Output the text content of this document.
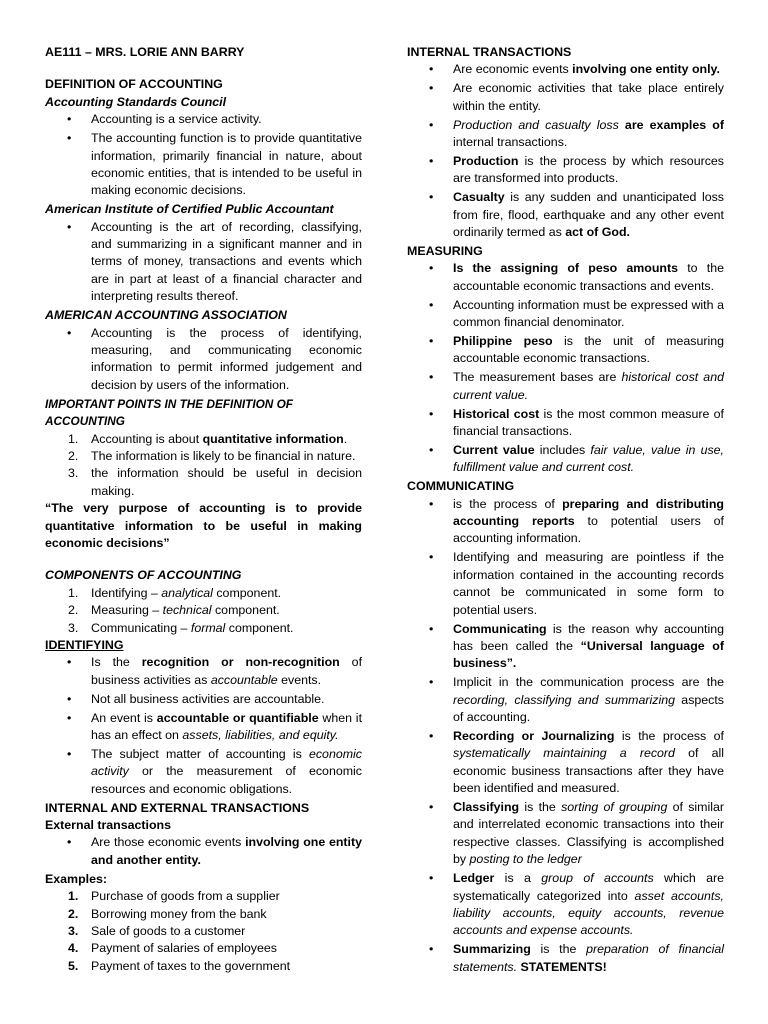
AE111 – MRS. LORIE ANN BARRY

DEFINITION OF ACCOUNTING

Accounting Standards Council

• Accounting is a service activity.
• The accounting function is to provide quantitative information, primarily financial in nature, about economic entities, that is intended to be useful in making economic decisions.

American Institute of Certified Public Accountant

• Accounting is the art of recording, classifying, and summarizing in a significant manner and in terms of money, transactions and events which are in part at least of a financial character and interpreting results thereof.

AMERICAN ACCOUNTING ASSOCIATION

• Accounting is the process of identifying, measuring, and communicating economic information to permit informed judgement and decision by users of the information.

IMPORTANT POINTS IN THE DEFINITION OF ACCOUNTING

1. Accounting is about quantitative information.
2. The information is likely to be financial in nature.
3. the information should be useful in decision making.

“The very purpose of accounting is to provide quantitative information to be useful in making economic decisions”

COMPONENTS OF ACCOUNTING

1. Identifying – analytical component.
2. Measuring – technical component.
3. Communicating – formal component.

IDENTIFYING

• Is the recognition or non-recognition of business activities as accountable events.
• Not all business activities are accountable.
• An event is accountable or quantifiable when it has an effect on assets, liabilities, and equity.
• The subject matter of accounting is economic activity or the measurement of economic resources and economic obligations.

INTERNAL AND EXTERNAL TRANSACTIONS

External transactions

• Are those economic events involving one entity and another entity.

Examples:

1. Purchase of goods from a supplier
2. Borrowing money from the bank
3. Sale of goods to a customer
4. Payment of salaries of employees
5. Payment of taxes to the government

INTERNAL TRANSACTIONS

• Are economic events involving one entity only.
• Are economic activities that take place entirely within the entity.
• Production and casualty loss are examples of internal transactions.
• Production is the process by which resources are transformed into products.
• Casualty is any sudden and unanticipated loss from fire, flood, earthquake and any other event ordinarily termed as act of God.

MEASURING

• Is the assigning of peso amounts to the accountable economic transactions and events.
• Accounting information must be expressed with a common financial denominator.
• Philippine peso is the unit of measuring accountable economic transactions.
• The measurement bases are historical cost and current value.
• Historical cost is the most common measure of financial transactions.
• Current value includes fair value, value in use, fulfillment value and current cost.

COMMUNICATING

• is the process of preparing and distributing accounting reports to potential users of accounting information.
• Identifying and measuring are pointless if the information contained in the accounting records cannot be communicated in some form to potential users.
• Communicating is the reason why accounting has been called the “Universal language of business”.
• Implicit in the communication process are the recording, classifying and summarizing aspects of accounting.
• Recording or Journalizing is the process of systematically maintaining a record of all economic business transactions after they have been identified and measured.
• Classifying is the sorting of grouping of similar and interrelated economic transactions into their respective classes. Classifying is accomplished by posting to the ledger
• Ledger is a group of accounts which are systematically categorized into asset accounts, liability accounts, equity accounts, revenue accounts and expense accounts.
• Summarizing is the preparation of financial statements. STATEMENTS!
